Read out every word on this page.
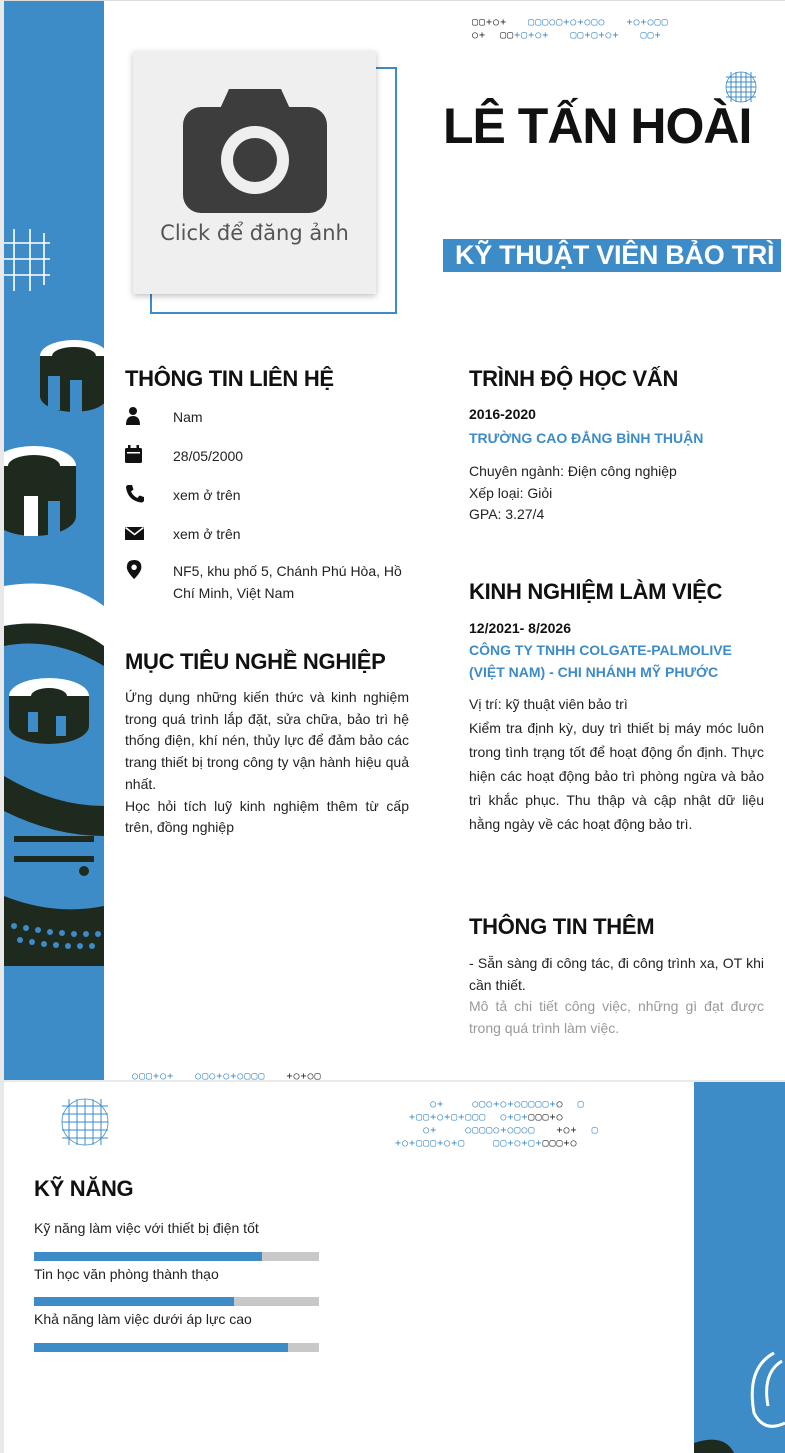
▢▢+○+ ▢▢▢○▢+○+○▢○ +○+○▢▢
○+  ▢▢+▢+○+ ▢▢+▢+○+ ▢▢+
Click để đăng ảnh
LÊ TẤN HOÀI
KỸ THUẬT VIÊN BẢO TRÌ
THÔNG TIN LIÊN HỆ
Nam
28/05/2000
xem ở trên
xem ở trên
NF5, khu phố 5, Chánh Phú Hòa, Hồ Chí Minh, Việt Nam
MỤC TIÊU NGHỀ NGHIỆP
Ứng dụng những kiến thức và kinh nghiệm trong quá trình lắp đặt, sửa chữa, bảo trì hệ thống điện, khí nén, thủy lực để đảm bảo các trang thiết bị trong công ty vận hành hiệu quả nhất.
Học hỏi tích luỹ kinh nghiệm thêm từ cấp trên, đồng nghiệp
TRÌNH ĐỘ HỌC VẤN
2016-2020
TRƯỜNG CAO ĐẲNG BÌNH THUẬN
Chuyên ngành: Điện công nghiệp
Xếp loại: Giỏi
GPA: 3.27/4
KINH NGHIỆM LÀM VIỆC
12/2021- 8/2026
CÔNG TY TNHH COLGATE-PALMOLIVE (VIỆT NAM) - CHI NHÁNH MỸ PHƯỚC
Vị trí: kỹ thuật viên bảo trì
Kiểm tra định kỳ, duy trì thiết bị máy móc luôn trong tình trạng tốt để hoạt động ổn định. Thực hiện các hoạt động bảo trì phòng ngừa và bảo trì khắc phục. Thu thập và cập nhật dữ liệu hằng ngày về các hoạt động bảo trì.
THÔNG TIN THÊM
- Sẵn sàng đi công tác, đi công trình xa, OT khi cần thiết.
Mô tả chi tiết công việc, những gì đạt được trong quá trình làm việc.
○▢▢+○+   ○▢○+○+○▢▢▢   +○+○▢
○+    ○▢○+○+○▢▢▢▢+○  ▢
+▢▢+○+▢+▢▢▢  ○+▢+▢▢▢+○
○+    ○▢▢▢○+○▢○▢   +○+  ▢
+○+▢▢▢+○+▢    ▢▢+○+▢+▢▢▢+○
KỸ NĂNG
Kỹ năng làm việc với thiết bị điện tốt
Tin học văn phòng thành thạo
Khả năng làm việc dưới áp lực cao
